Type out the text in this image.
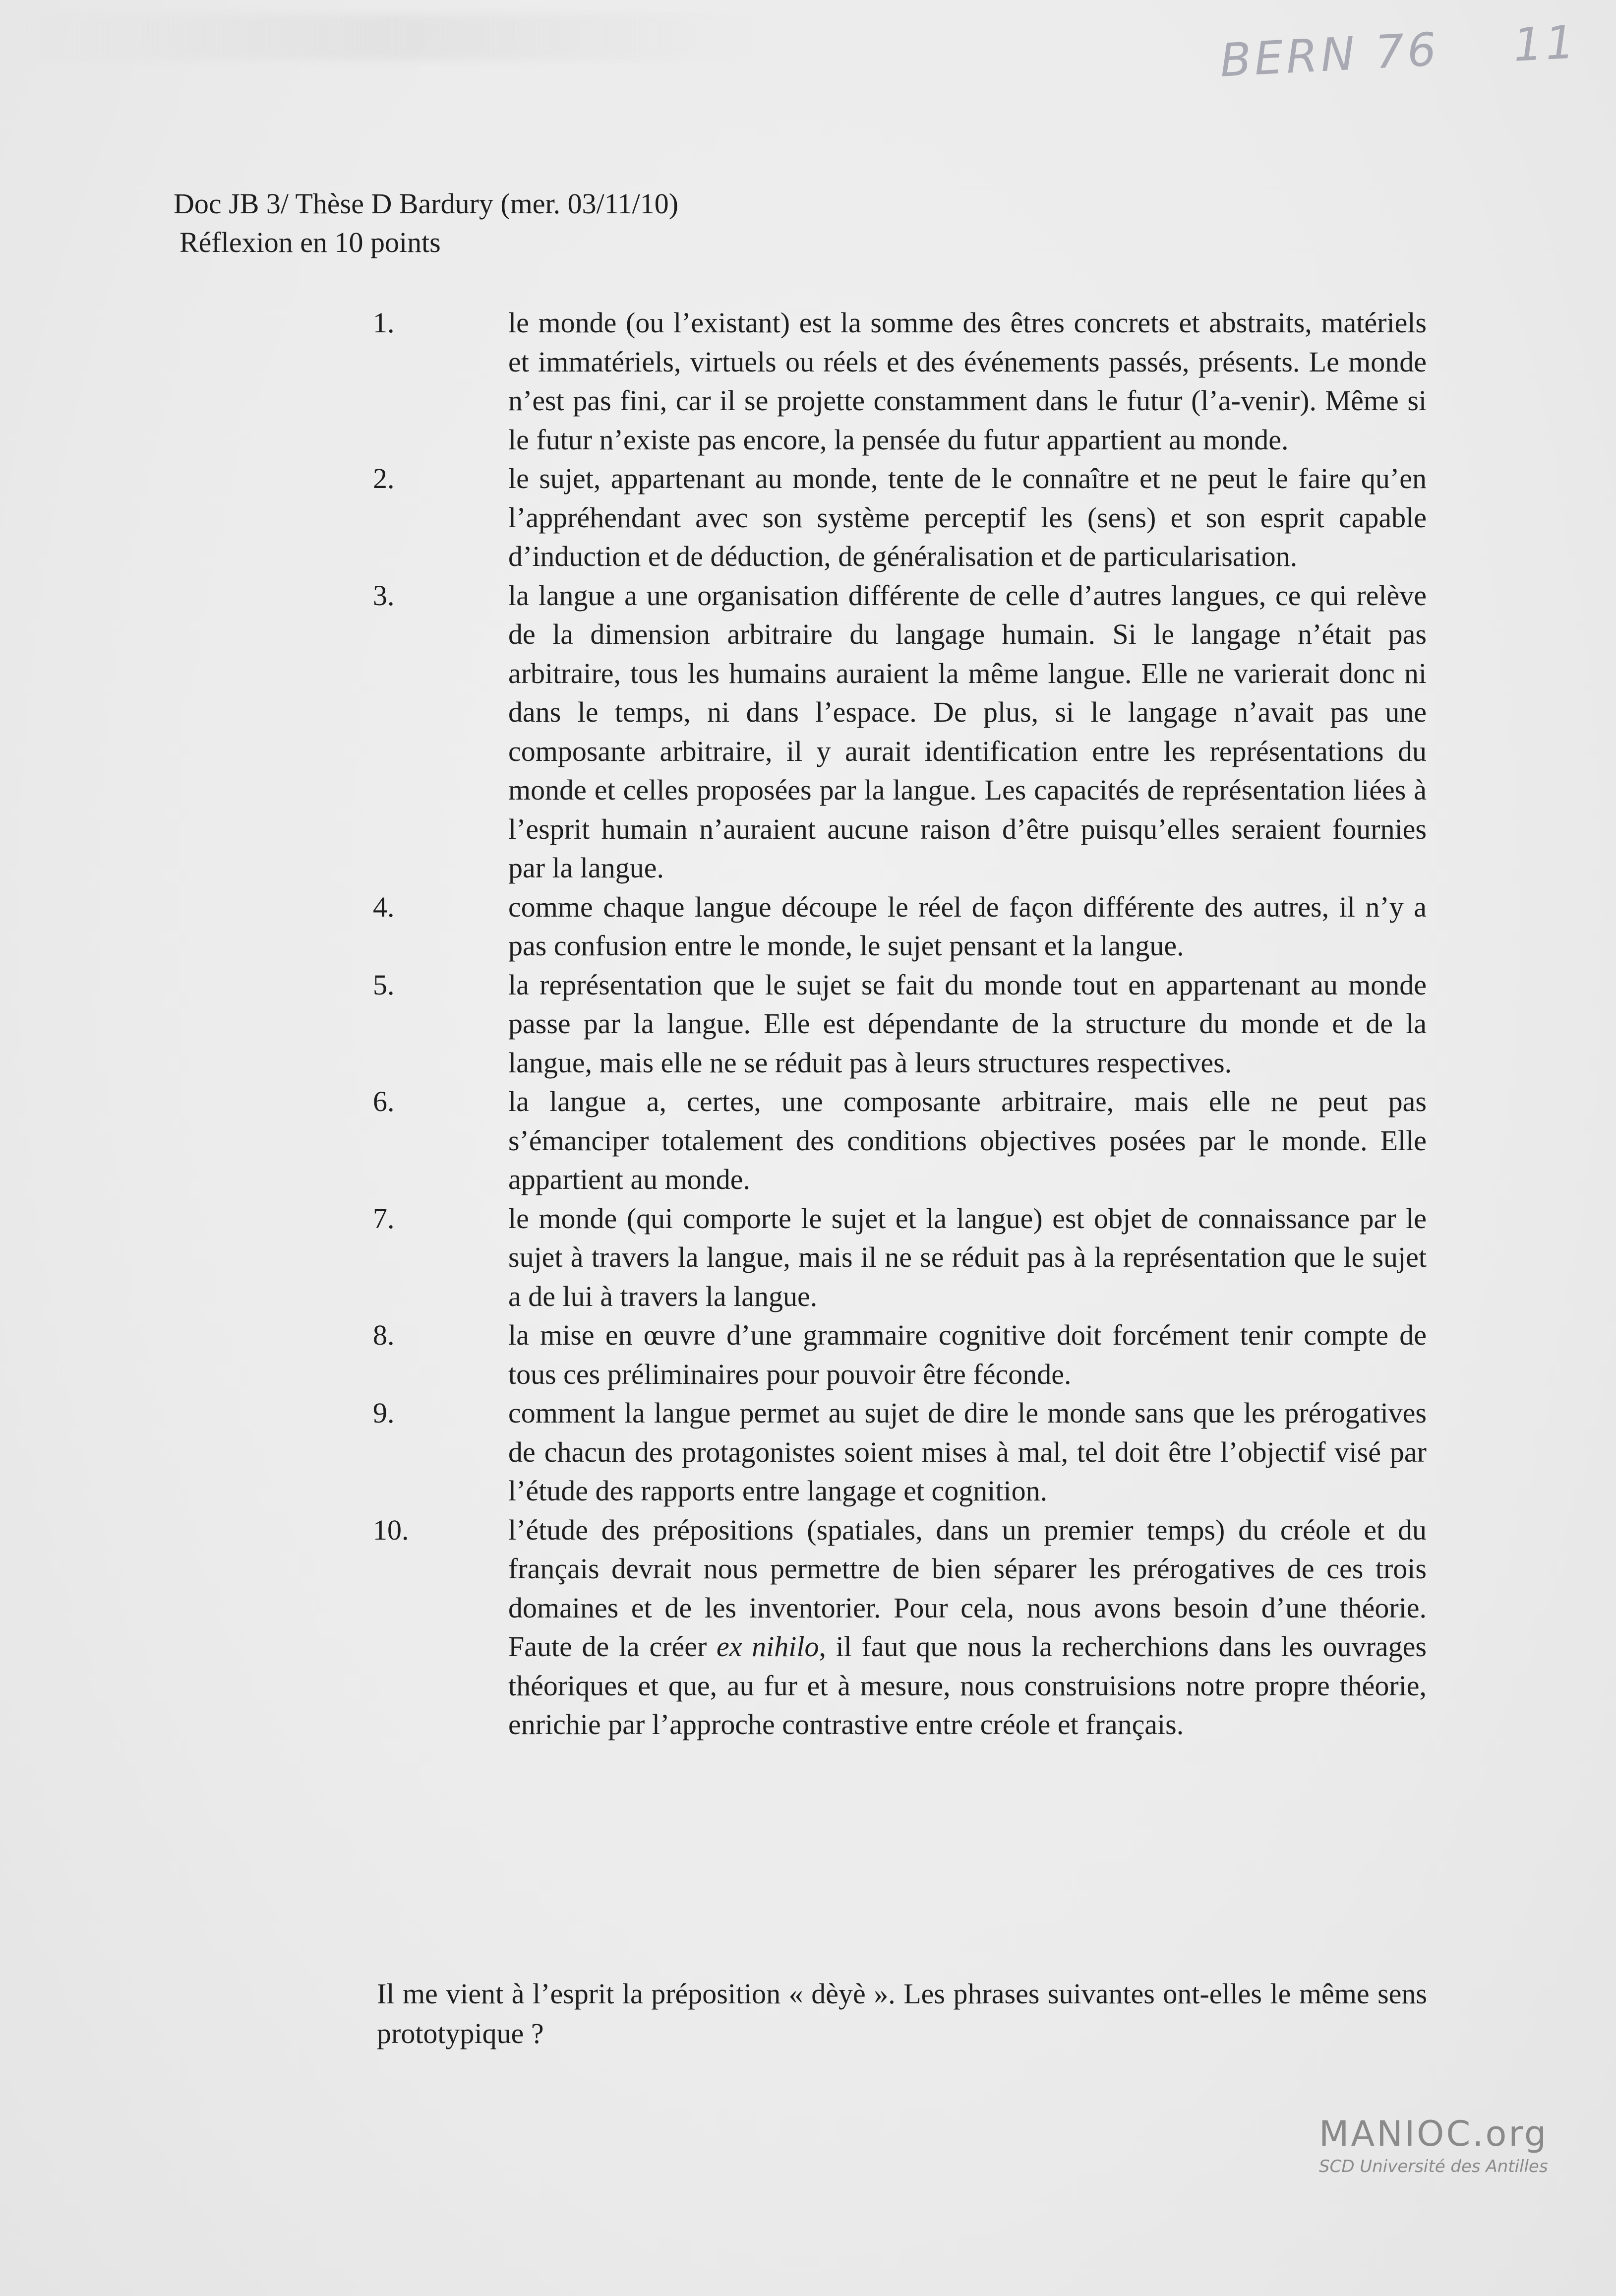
BERN 76 11
Doc JB 3/ Thèse D Bardury (mer. 03/11/10)
Réflexion en 10 points
1.	le monde (ou l’existant) est la somme des êtres concrets et abstraits, matériels et immatériels, virtuels ou réels et des événements passés, présents. Le monde n’est pas fini, car il se projette constamment dans le futur (l’a-venir). Même si le futur n’existe pas encore, la pensée du futur appartient au monde.
2.	le sujet, appartenant au monde, tente de le connaître et ne peut le faire qu’en l’appréhendant avec son système perceptif les (sens) et son esprit capable d’induction et de déduction, de généralisation et de particularisation.
3.	la langue a une organisation différente de celle d’autres langues, ce qui relève de la dimension arbitraire du langage humain. Si le langage n’était pas arbitraire, tous les humains auraient la même langue. Elle ne varierait donc ni dans le temps, ni dans l’espace. De plus, si le langage n’avait pas une composante arbitraire, il y aurait identification entre les représentations du monde et celles proposées par la langue. Les capacités de représentation liées à l’esprit humain n’auraient aucune raison d’être puisqu’elles seraient fournies par la langue.
4.	comme chaque langue découpe le réel de façon différente des autres, il n’y a pas confusion entre le monde, le sujet pensant et la langue.
5.	la représentation que le sujet se fait du monde tout en appartenant au monde passe par la langue. Elle est dépendante de la structure du monde et de la langue, mais elle ne se réduit pas à leurs structures respectives.
6.	la langue a, certes, une composante arbitraire, mais elle ne peut pas s’émanciper totalement des conditions objectives posées par le monde. Elle appartient au monde.
7.	le monde (qui comporte le sujet et la langue) est objet de connaissance par le sujet à travers la langue, mais il ne se réduit pas à la représentation que le sujet a de lui à travers la langue.
8.	la mise en œuvre d’une grammaire cognitive doit forcément tenir compte de tous ces préliminaires pour pouvoir être féconde.
9.	comment la langue permet au sujet de dire le monde sans que les prérogatives de chacun des protagonistes soient mises à mal, tel doit être l’objectif visé par l’étude des rapports entre langage et cognition.
10.	l’étude des prépositions (spatiales, dans un premier temps) du créole et du français devrait nous permettre de bien séparer les prérogatives de ces trois domaines et de les inventorier. Pour cela, nous avons besoin d’une théorie. Faute de la créer ex nihilo, il faut que nous la recherchions dans les ouvrages théoriques et que, au fur et à mesure, nous construisions notre propre théorie, enrichie par l’approche contrastive entre créole et français.
Il me vient à l’esprit la préposition « dèyè ». Les phrases suivantes ont-elles le même sens prototypique ?
MANIOC.org
SCD Université des Antilles
